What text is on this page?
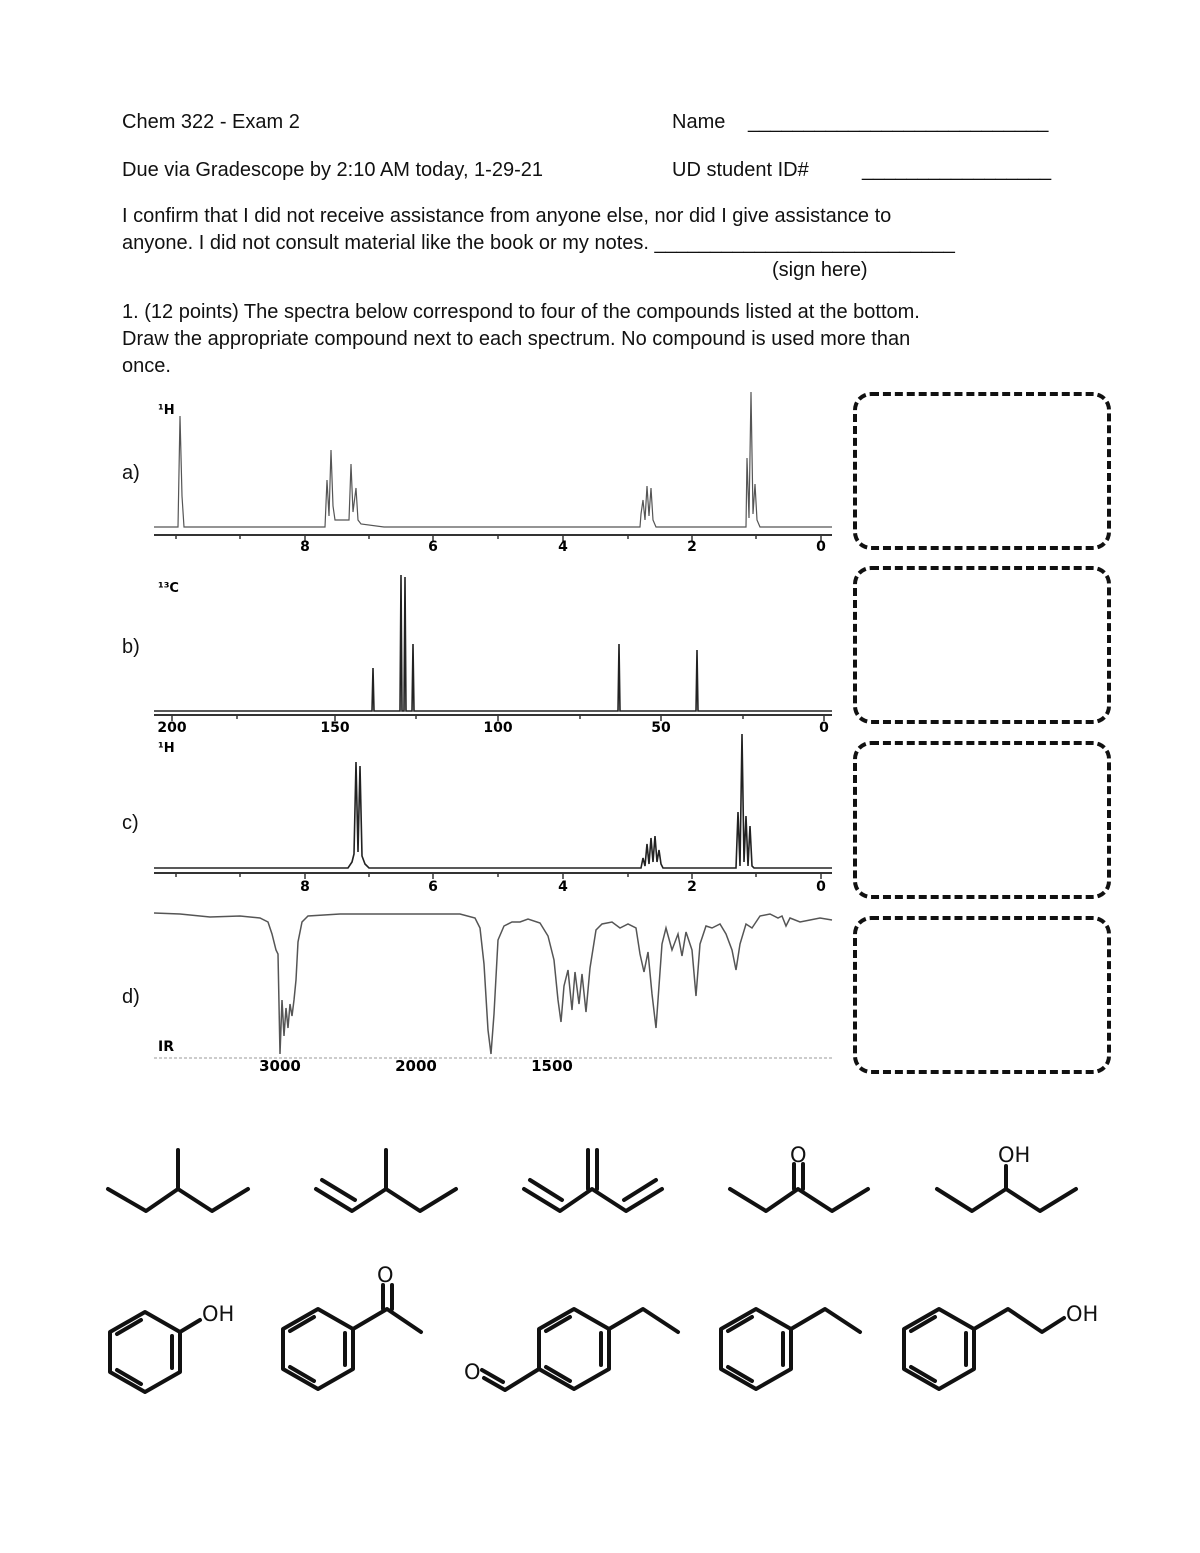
Chem 322 - Exam 2	Name ___________________________
Due via Gradescope by 2:10 AM today, 1-29-21	UD student ID#	_________________
I confirm that I did not receive assistance from anyone else, nor did I give assistance to
anyone. I did not consult material like the book or my notes. ___________________________
(sign here)
1. (12 points) The spectra below correspond to four of the compounds listed at the bottom.
Draw the appropriate compound next to each spectrum. No compound is used more than
once.
a)
b)
c)
d)
¹H
8	6	4	2	0
¹³C
200	150	100	50	0
¹H
8	6	4	2	0
IR
3000	2000	1500
O	OH
OH
O
O
OH
